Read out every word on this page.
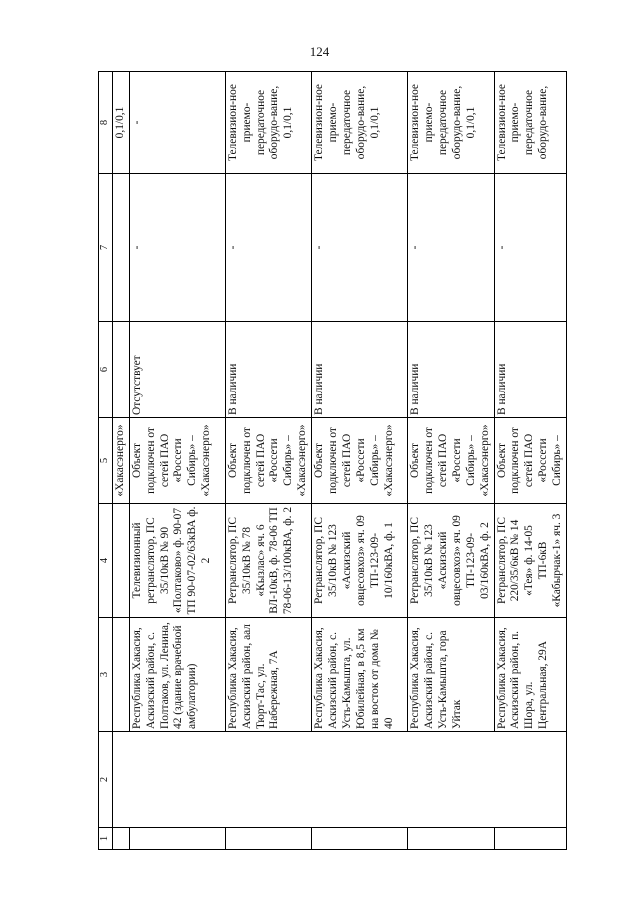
124
1	2	3	4	5	6	7	8
				«Хакасэнерго»			0,1/0,1
		Республика Хакасия, Аскизский район, с. Полтаков, ул. Ленина, 42 (здание врачебной амбулатории)	Телевизионный ретранслятор, ПС 35/10кВ № 90 «Полтаково» ф. 90-07 ТП 90-07-02/63кВА ф. 2	Объект подключен от сетей ПАО «Россети Сибирь» – «Хакасэнерго»	Отсутствует	-	-
		Республика Хакасия, Аскизский район, аал Тюрт-Тас, ул. Набережная, 7А	Ретранслятор, ПС 35/10кВ № 78 «Кызлас» яч. 6 ВЛ-10кВ, ф. 78-06 ТП 78-06-13/100кВА, ф. 2	Объект подключен от сетей ПАО «Россети Сибирь» – «Хакасэнерго»	В наличии	-	Телевизион-ное приемо-передаточное оборудо-вание, 0,1/0,1
		Республика Хакасия, Аскизский район, с. Усть-Камышта, ул. Юбилейная, в 8,5 км на восток от дома № 40	Ретранслятор, ПС 35/10кВ № 123 «Аскизский овцесовхоз» яч. 09 ТП-123-09-10/160кВА, ф. 1	Объект подключен от сетей ПАО «Россети Сибирь» – «Хакасэнерго»	В наличии	-	Телевизион-ное приемо-передаточное оборудо-вание, 0,1/0,1
		Республика Хакасия, Аскизский район, с. Усть-Камышта, гора Уйтак	Ретранслятор, ПС 35/10кВ № 123 «Аскизский овцесовхоз» яч. 09 ТП-123-09-03/160кВА, ф. 2	Объект подключен от сетей ПАО «Россети Сибирь» – «Хакасэнерго»	В наличии	-	Телевизион-ное приемо-передаточное оборудо-вание, 0,1/0,1
		Республика Хакасия, Аскизский район, п. Шора, ул. Центральная, 29А	Ретранслятор, ПС 220/35/6кВ № 14 «Тея» ф. 14-05 ТП-6кВ «Кабырчак-1» яч. 3	Объект подключен от сетей ПАО «Россети Сибирь» –	В наличии	-	Телевизион-ное приемо-передаточное оборудо-вание,
